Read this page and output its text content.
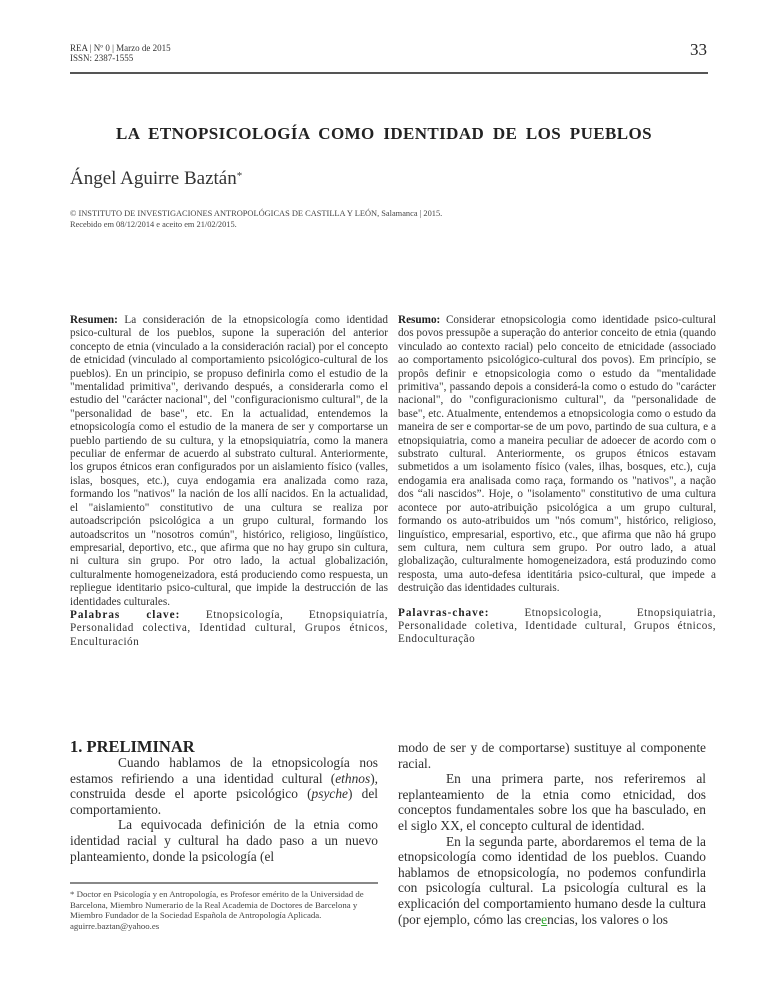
REA | Nº 0 | Marzo de 2015
ISSN: 2387-1555	33
LA ETNOPSICOLOGÍA COMO IDENTIDAD DE LOS PUEBLOS
Ángel Aguirre Baztán*
© INSTITUTO DE INVESTIGACIONES ANTROPOLÓGICAS DE CASTILLA Y LEÓN, Salamanca | 2015.
Recebido em 08/12/2014 e aceito em 21/02/2015.
Resumen: La consideración de la etnopsicología como identidad psico-cultural de los pueblos, supone la superación del anterior concepto de etnia (vinculado a la consideración racial) por el concepto de etnicidad (vinculado al comportamiento psicológico-cultural de los pueblos). En un principio, se propuso definirla como el estudio de la "mentalidad primitiva", derivando después, a considerarla como el estudio del "carácter nacional", del "configuracionismo cultural", de la "personalidad de base", etc. En la actualidad, entendemos la etnopsicología como el estudio de la manera de ser y comportarse un pueblo partiendo de su cultura, y la etnopsiquiatría, como la manera peculiar de enfermar de acuerdo al substrato cultural. Anteriormente, los grupos étnicos eran configurados por un aislamiento físico (valles, islas, bosques, etc.), cuya endogamia era analizada como raza, formando los "nativos" la nación de los allí nacidos. En la actualidad, el "aislamiento" constitutivo de una cultura se realiza por autoadscripción psicológica a un grupo cultural, formando los autoadscritos un "nosotros común", histórico, religioso, lingüístico, empresarial, deportivo, etc., que afirma que no hay grupo sin cultura, ni cultura sin grupo. Por otro lado, la actual globalización, culturalmente homogeneizadora, está produciendo como respuesta, un repliegue identitario psico-cultural, que impide la destrucción de las identidades culturales.
Palabras clave: Etnopsicología, Etnopsiquiatría, Personalidad colectiva, Identidad cultural, Grupos étnicos, Enculturación
Resumo: Considerar etnopsicologia como identidade psico-cultural dos povos pressupõe a superação do anterior conceito de etnia (quando vinculado ao contexto racial) pelo conceito de etnicidade (associado ao comportamento psicológico-cultural dos povos). Em princípio, se propôs definir e etnopsicologia como o estudo da "mentalidade primitiva", passando depois a considerá-la como o estudo do "carácter nacional", do "configuracionismo cultural", da "personalidade de base", etc. Atualmente, entendemos a etnopsicologia como o estudo da maneira de ser e comportar-se de um povo, partindo de sua cultura, e a etnopsiquiatria, como a maneira peculiar de adoecer de acordo com o substrato cultural. Anteriormente, os grupos étnicos estavam submetidos a um isolamento físico (vales, ilhas, bosques, etc.), cuja endogamia era analisada como raça, formando os "nativos", a nação dos “ali nascidos”. Hoje, o "isolamento" constitutivo de uma cultura acontece por auto-atribuição psicológica a um grupo cultural, formando os auto-atribuidos um "nós comum", histórico, religioso, linguístico, empresarial, esportivo, etc., que afirma que não há grupo sem cultura, nem cultura sem grupo. Por outro lado, a atual globalização, culturalmente homogeneizadora, está produzindo como resposta, uma auto-defesa identitária psico-cultural, que impede a destruição das identidades culturais.
Palavras-chave: Etnopsicologia, Etnopsiquiatria, Personalidade coletiva, Identidade cultural, Grupos étnicos, Endoculturação
1. PRELIMINAR

Cuando hablamos de la etnopsicología nos estamos refiriendo a una identidad cultural (ethnos), construida desde el aporte psicológico (psyche) del comportamiento.

La equivocada definición de la etnia como identidad racial y cultural ha dado paso a un nuevo planteamiento, donde la psicología (el

* Doctor en Psicología y en Antropología, es Profesor emérito de la Universidad de Barcelona, Miembro Numerario de la Real Academia de Doctores de Barcelona y Miembro Fundador de la Sociedad Española de Antropología Aplicada.
aguirre.baztan@yahoo.es

modo de ser y de comportarse) sustituye al componente racial.

En una primera parte, nos referiremos al replanteamiento de la etnia como etnicidad, dos conceptos fundamentales sobre los que ha basculado, en el siglo XX, el concepto cultural de identidad.

En la segunda parte, abordaremos el tema de la etnopsicología como identidad de los pueblos. Cuando hablamos de etnopsicología, no podemos confundirla con psicología cultural. La psicología cultural es la explicación del comportamiento humano desde la cultura (por ejemplo, cómo las creencias, los valores o los
